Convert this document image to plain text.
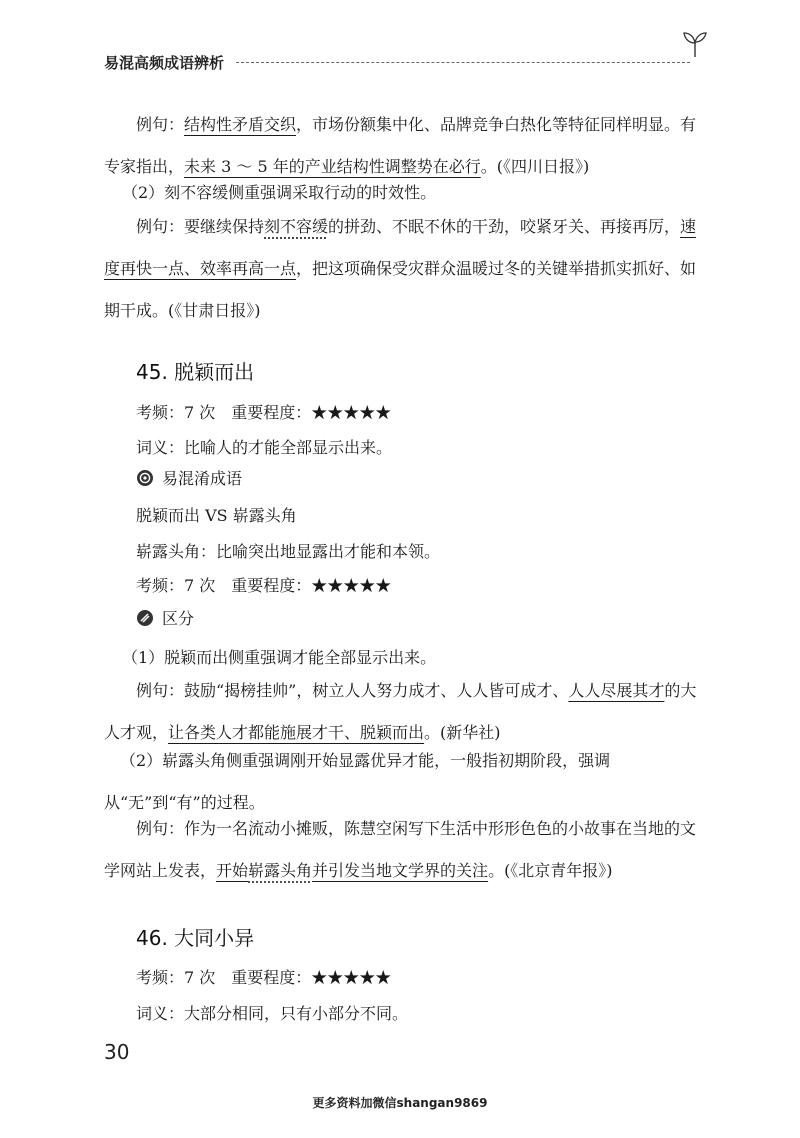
易混高频成语辨析

例句：结构性矛盾交织，市场份额集中化、品牌竞争白热化等特征同样明显。有专家指出，未来 3 ～ 5 年的产业结构性调整势在必行。(《四川日报》)

（2）刻不容缓侧重强调采取行动的时效性。

例句：要继续保持刻不容缓的拼劲、不眠不休的干劲，咬紧牙关、再接再厉，速度再快一点、效率再高一点，把这项确保受灾群众温暖过冬的关键举措抓实抓好、如期干成。(《甘肃日报》)

45. 脱颖而出
考频：7 次　重要程度：★★★★★
词义：比喻人的才能全部显示出来。
易混淆成语
脱颖而出 VS 崭露头角
崭露头角：比喻突出地显露出才能和本领。
考频：7 次　重要程度：★★★★★
区分
（1）脱颖而出侧重强调才能全部显示出来。

例句：鼓励“揭榜挂帅”，树立人人努力成才、人人皆可成才、人人尽展其才的大人才观，让各类人才都能施展才干、脱颖而出。(新华社)

（2）崭露头角侧重强调刚开始显露优异才能，一般指初期阶段，强调从“无”到“有”的过程。

例句：作为一名流动小摊贩，陈慧空闲写下生活中形形色色的小故事在当地的文学网站上发表，开始崭露头角并引发当地文学界的关注。(《北京青年报》)

46. 大同小异
考频：7 次　重要程度：★★★★★
词义：大部分相同，只有小部分不同。
30
更多资料加微信shangan9869
